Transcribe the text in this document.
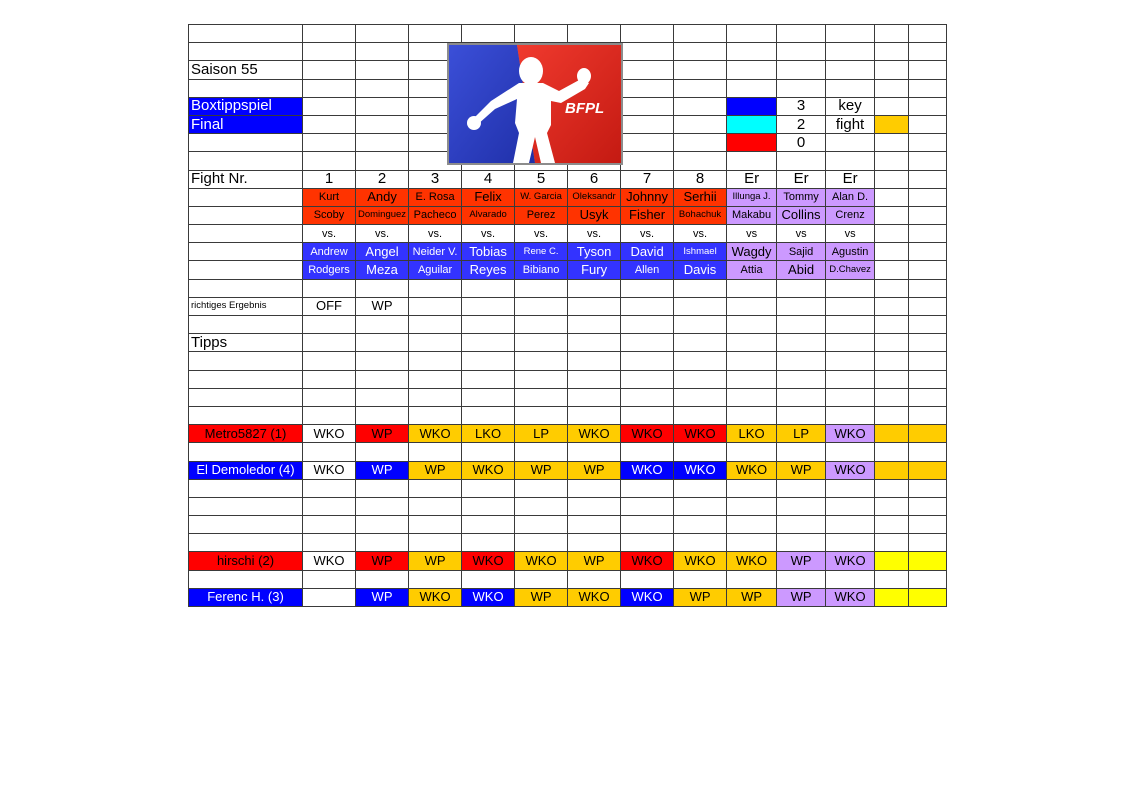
Saison 55													

Boxtippspiel										3	key		
Final										2	fight		
										0			

Fight Nr.	1	2	3	4	5	6	7	8	Er	Er	Er		
	Kurt	Andy	E. Rosa	Felix	W. Garcia	Oleksandr	Johnny	Serhii	Illunga J.	Tommy	Alan D.		
	Scoby	Dominguez	Pacheco	Alvarado	Perez	Usyk	Fisher	Bohachuk	Makabu	Collins	Crenz		
	vs.	vs.	vs.	vs.	vs.	vs.	vs.	vs.	vs	vs	vs		
	Andrew	Angel	Neider V.	Tobias	Rene C.	Tyson	David	Ishmael	Wagdy	Sajid	Agustin		
	Rodgers	Meza	Aguilar	Reyes	Bibiano	Fury	Allen	Davis	Attia	Abid	D.Chavez		

richtiges Ergebnis	OFF	WP											

Tipps													

Metro5827 (1)	WKO	WP	WKO	LKO	LP	WKO	WKO	WKO	LKO	LP	WKO		

El Demoledor (4)	WKO	WP	WP	WKO	WP	WP	WKO	WKO	WKO	WP	WKO		

hirschi (2)	WKO	WP	WP	WKO	WKO	WP	WKO	WKO	WKO	WP	WKO		

Ferenc H. (3)		WP	WKO	WKO	WP	WKO	WKO	WP	WP	WP	WKO		
BFPL
